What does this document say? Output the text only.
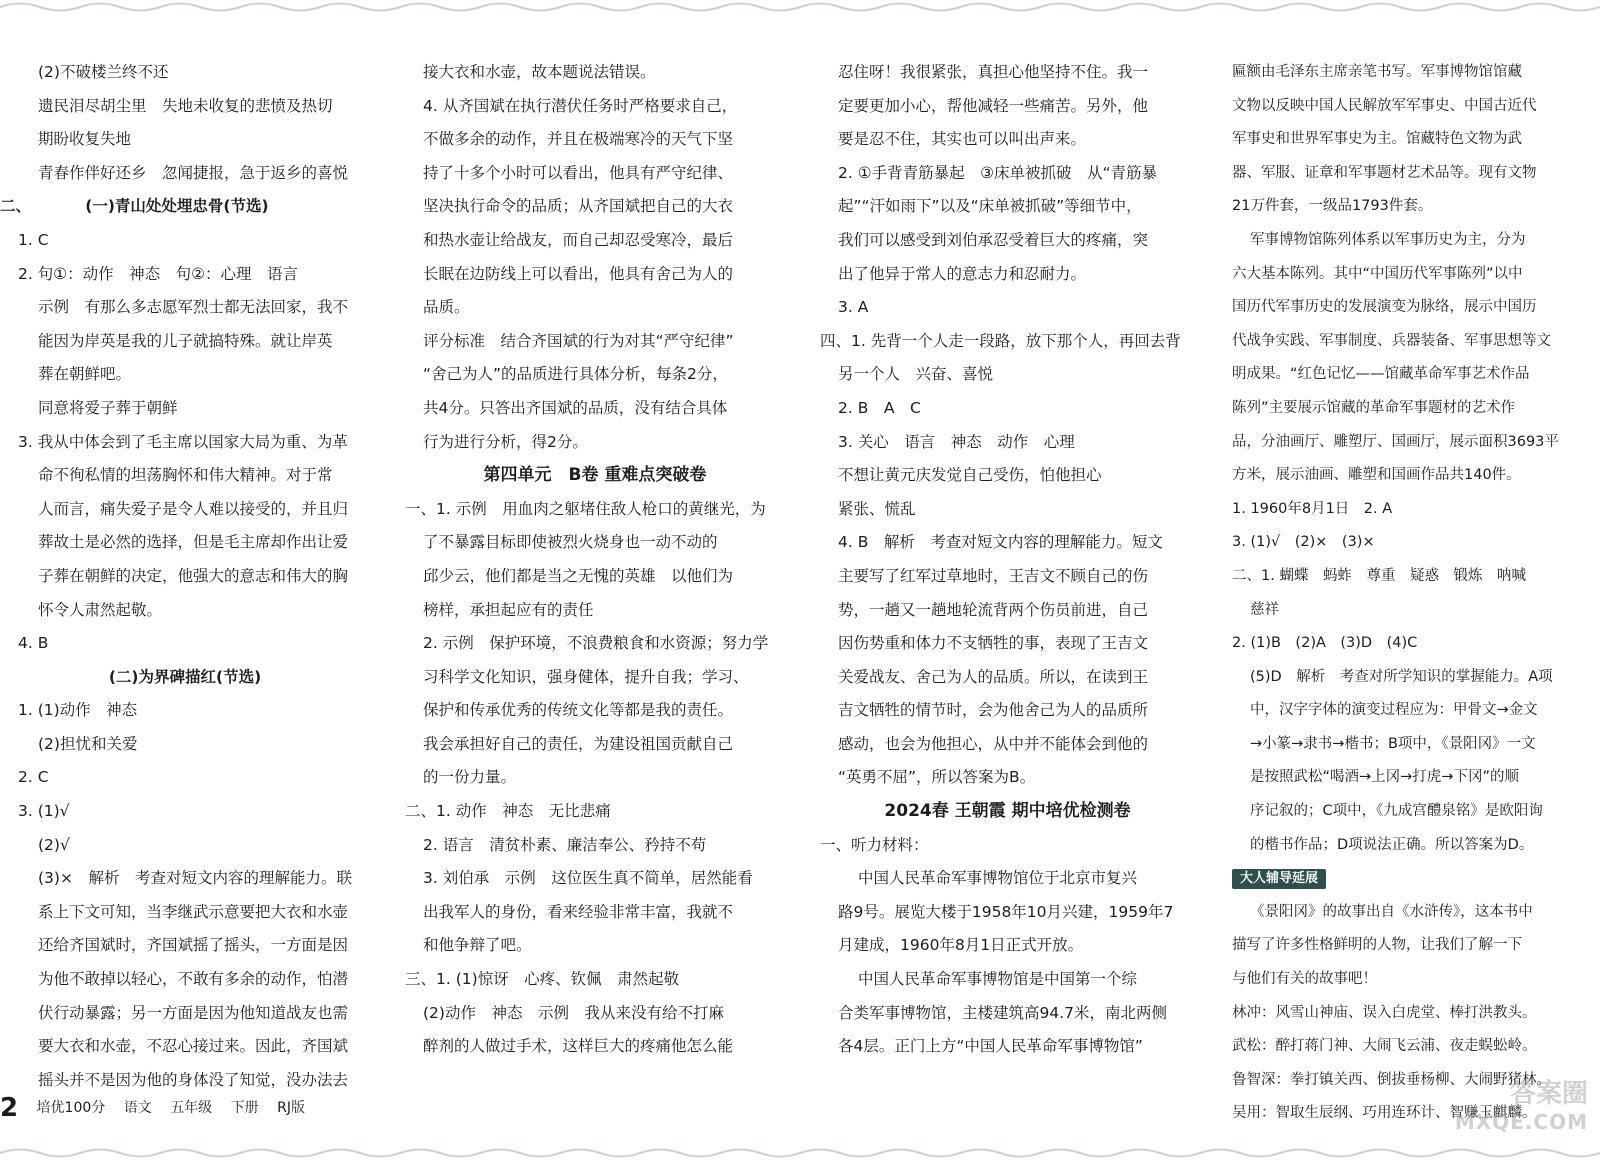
(2)不破楼兰终不还

遗民泪尽胡尘里　失地未收复的悲愤及热切

期盼收复失地

青春作伴好还乡　忽闻捷报，急于返乡的喜悦

二、　　　　(一)青山处处埋忠骨(节选)

1. C

2. 句①：动作　神态　句②：心理　语言

示例　有那么多志愿军烈士都无法回家，我不

能因为岸英是我的儿子就搞特殊。就让岸英

葬在朝鲜吧。

同意将爱子葬于朝鲜

3. 我从中体会到了毛主席以国家大局为重、为革

命不徇私情的坦荡胸怀和伟大精神。对于常

人而言，痛失爱子是令人难以接受的，并且归

葬故土是必然的选择，但是毛主席却作出让爱

子葬在朝鲜的决定，他强大的意志和伟大的胸

怀令人肃然起敬。

4. B

(二)为界碑描红(节选)

1. (1)动作　神态

(2)担忧和关爱

2. C

3. (1)√

(2)√

(3)×　解析　考查对短文内容的理解能力。联

系上下文可知，当李继武示意要把大衣和水壶

还给齐国斌时，齐国斌摇了摇头，一方面是因

为他不敢掉以轻心，不敢有多余的动作，怕潜

伏行动暴露；另一方面是因为他知道战友也需

要大衣和水壶，不忍心接过来。因此，齐国斌

摇头并不是因为他的身体没了知觉，没办法去

接大衣和水壶，故本题说法错误。

4. 从齐国斌在执行潜伏任务时严格要求自己，

不做多余的动作，并且在极端寒冷的天气下坚

持了十多个小时可以看出，他具有严守纪律、

坚决执行命令的品质；从齐国斌把自己的大衣

和热水壶让给战友，而自己却忍受寒冷，最后

长眠在边防线上可以看出，他具有舍己为人的

品质。

评分标准　结合齐国斌的行为对其“严守纪律”

“舍己为人”的品质进行具体分析，每条2分，

共4分。只答出齐国斌的品质，没有结合具体

行为进行分析，得2分。

第四单元　B卷 重难点突破卷

一、1. 示例　用血肉之躯堵住敌人枪口的黄继光，为

了不暴露目标即使被烈火烧身也一动不动的

邱少云，他们都是当之无愧的英雄　以他们为

榜样，承担起应有的责任

2. 示例　保护环境，不浪费粮食和水资源；努力学

习科学文化知识，强身健体，提升自我；学习、

保护和传承优秀的传统文化等都是我的责任。

我会承担好自己的责任，为建设祖国贡献自己

的一份力量。

二、1. 动作　神态　无比悲痛

2. 语言　清贫朴素、廉洁奉公、矜持不苟

3. 刘伯承　示例　这位医生真不简单，居然能看

出我军人的身份，看来经验非常丰富，我就不

和他争辩了吧。

三、1. (1)惊讶　心疼、钦佩　肃然起敬

(2)动作　神态　示例　我从来没有给不打麻

醉剂的人做过手术，这样巨大的疼痛他怎么能

忍住呀！我很紧张，真担心他坚持不住。我一

定要更加小心，帮他减轻一些痛苦。另外，他

要是忍不住，其实也可以叫出声来。

2. ①手背青筋暴起　③床单被抓破　从“青筋暴

起”“汗如雨下”以及“床单被抓破”等细节中，

我们可以感受到刘伯承忍受着巨大的疼痛，突

出了他异于常人的意志力和忍耐力。

3. A

四、1. 先背一个人走一段路，放下那个人，再回去背

另一个人　兴奋、喜悦

2. B　A　C

3. 关心　语言　神态　动作　心理

不想让黄元庆发觉自己受伤，怕他担心

紧张、慌乱

4. B　解析　考查对短文内容的理解能力。短文

主要写了红军过草地时，王吉文不顾自己的伤

势，一趟又一趟地轮流背两个伤员前进，自己

因伤势重和体力不支牺牲的事，表现了王吉文

关爱战友、舍己为人的品质。所以，在读到王

吉文牺牲的情节时，会为他舍己为人的品质所

感动，也会为他担心，从中并不能体会到他的

“英勇不屈”，所以答案为B。

2024春 王朝霞 期中培优检测卷

一、听力材料：

中国人民革命军事博物馆位于北京市复兴

路9号。展览大楼于1958年10月兴建，1959年7

月建成，1960年8月1日正式开放。

中国人民革命军事博物馆是中国第一个综

合类军事博物馆，主楼建筑高94.7米，南北两侧

各4层。正门上方“中国人民革命军事博物馆”

匾额由毛泽东主席亲笔书写。军事博物馆馆藏

文物以反映中国人民解放军军事史、中国古近代

军事史和世界军事史为主。馆藏特色文物为武

器、军服、证章和军事题材艺术品等。现有文物

21万件套，一级品1793件套。

军事博物馆陈列体系以军事历史为主，分为

六大基本陈列。其中“中国历代军事陈列”以中

国历代军事历史的发展演变为脉络，展示中国历

代战争实践、军事制度、兵器装备、军事思想等文

明成果。“红色记忆——馆藏革命军事艺术作品

陈列”主要展示馆藏的革命军事题材的艺术作

品，分油画厅、雕塑厅、国画厅，展示面积3693平

方米，展示油画、雕塑和国画作品共140件。

1. 1960年8月1日　2. A

3. (1)√　(2)×　(3)×

二、1. 蝴蝶　蚂蚱　尊重　疑惑　锻炼　呐喊

慈祥

2. (1)B　(2)A　(3)D　(4)C

(5)D　解析　考查对所学知识的掌握能力。A项

中，汉字字体的演变过程应为：甲骨文→金文

→小篆→隶书→楷书；B项中，《景阳冈》一文

是按照武松“喝酒→上冈→打虎→下冈”的顺

序记叙的；C项中，《九成宫醴泉铭》是欧阳询

的楷书作品；D项说法正确。所以答案为D。

大人辅导延展

《景阳冈》的故事出自《水浒传》，这本书中

描写了许多性格鲜明的人物，让我们了解一下

与他们有关的故事吧！

林冲：风雪山神庙、误入白虎堂、棒打洪教头。

武松：醉打蒋门神、大闹飞云浦、夜走蜈蚣岭。

鲁智深：拳打镇关西、倒拔垂杨柳、大闹野猪林。

吴用：智取生辰纲、巧用连环计、智赚玉麒麟。

2 培优100分 语文 五年级 下册 RJ版	答案圈
MXQE.COM
